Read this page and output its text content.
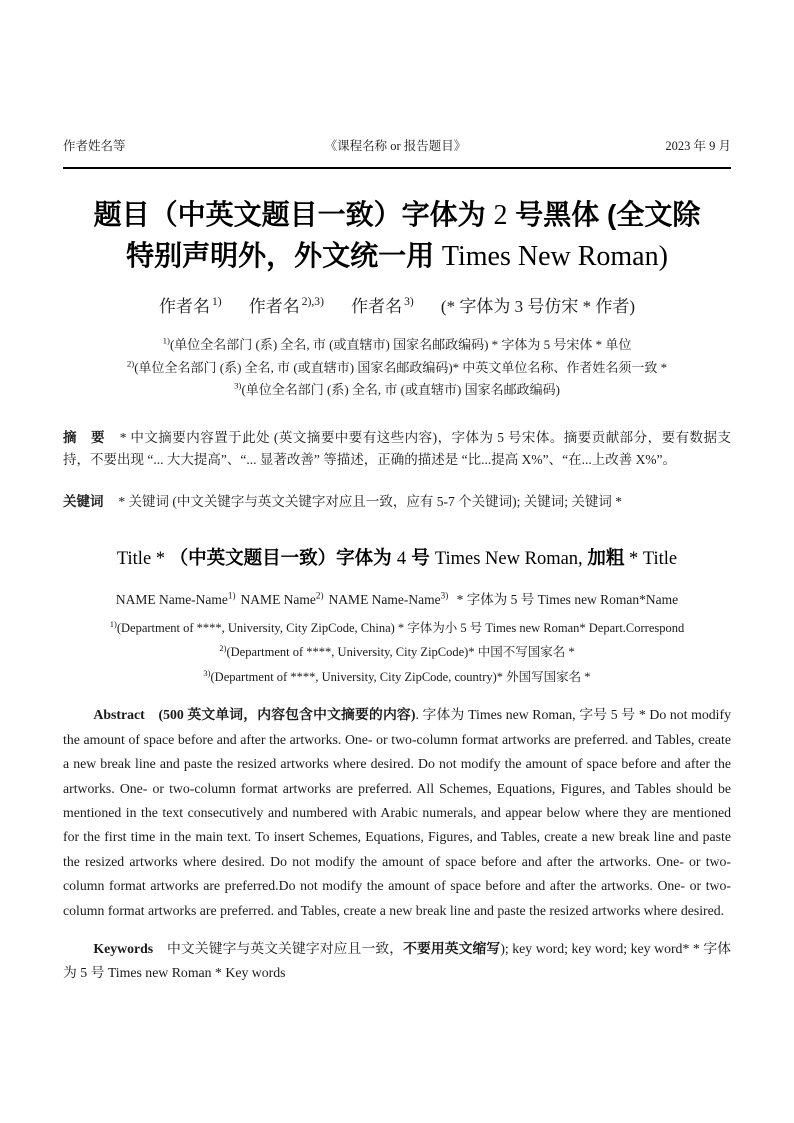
作者姓名等	《课程名称 or 报告题目》	2023 年 9 月
题目（中英文题目一致）字体为 2 号黑体 (全文除
特别声明外，外文统一用 Times New Roman)
作者名 $^{1)}$ 作者名 $^{2),3)}$ 作者名 $^{3)}$ (* 字体为 3 号仿宋 * 作者)
$^{1)}$(单位全名部门 (系) 全名, 市 (或直辖市) 国家名邮政编码) * 字体为 5 号宋体 * 单位
$^{2)}$(单位全名部门 (系) 全名, 市 (或直辖市) 国家名邮政编码)* 中英文单位名称、作者姓名须一致 *
$^{3)}$(单位全名部门 (系) 全名, 市 (或直辖市) 国家名邮政编码)

摘　要 * 中文摘要内容置于此处 (英文摘要中要有这些内容)，字体为 5 号宋体。摘要贡献部分，要有数据支持，不要出现 “... 大大提高”、“... 显著改善” 等描述，正确的描述是 “比...提高 X%”、“在...上改善 X%”。

关键词 * 关键词 (中文关键字与英文关键字对应且一致，应有 5-7 个关键词); 关键词; 关键词 *

Title * （中英文题目一致）字体为 4 号 Times New Roman, 加粗 * Title
NAME Name-Name$^{1)}$ NAME Name$^{2)}$ NAME Name-Name$^{3)}$ * 字体为 5 号 Times new Roman*Name
$^{1)}$(Department of ****, University, City ZipCode, China) * 字体为小 5 号 Times new Roman* Depart.Correspond
$^{2)}$(Department of ****, University, City ZipCode)* 中国不写国家名 *
$^{3)}$(Department of ****, University, City ZipCode, country)* 外国写国家名 *

Abstract (500 英文单词，内容包含中文摘要的内容). 字体为 Times new Roman, 字号 5 号 * Do not modify the amount of space before and after the artworks. One- or two-column format artworks are preferred. and Tables, create a new break line and paste the resized artworks where desired. Do not modify the amount of space before and after the artworks. One- or two-column format artworks are preferred. All Schemes, Equations, Figures, and Tables should be mentioned in the text consecutively and numbered with Arabic numerals, and appear below where they are mentioned for the first time in the main text. To insert Schemes, Equations, Figures, and Tables, create a new break line and paste the resized artworks where desired. Do not modify the amount of space before and after the artworks. One- or two-column format artworks are preferred.Do not modify the amount of space before and after the artworks. One- or two-column format artworks are preferred. and Tables, create a new break line and paste the resized artworks where desired.

Keywords 中文关键字与英文关键字对应且一致，不要用英文缩写); key word; key word; key word* * 字体为 5 号 Times new Roman * Key words
